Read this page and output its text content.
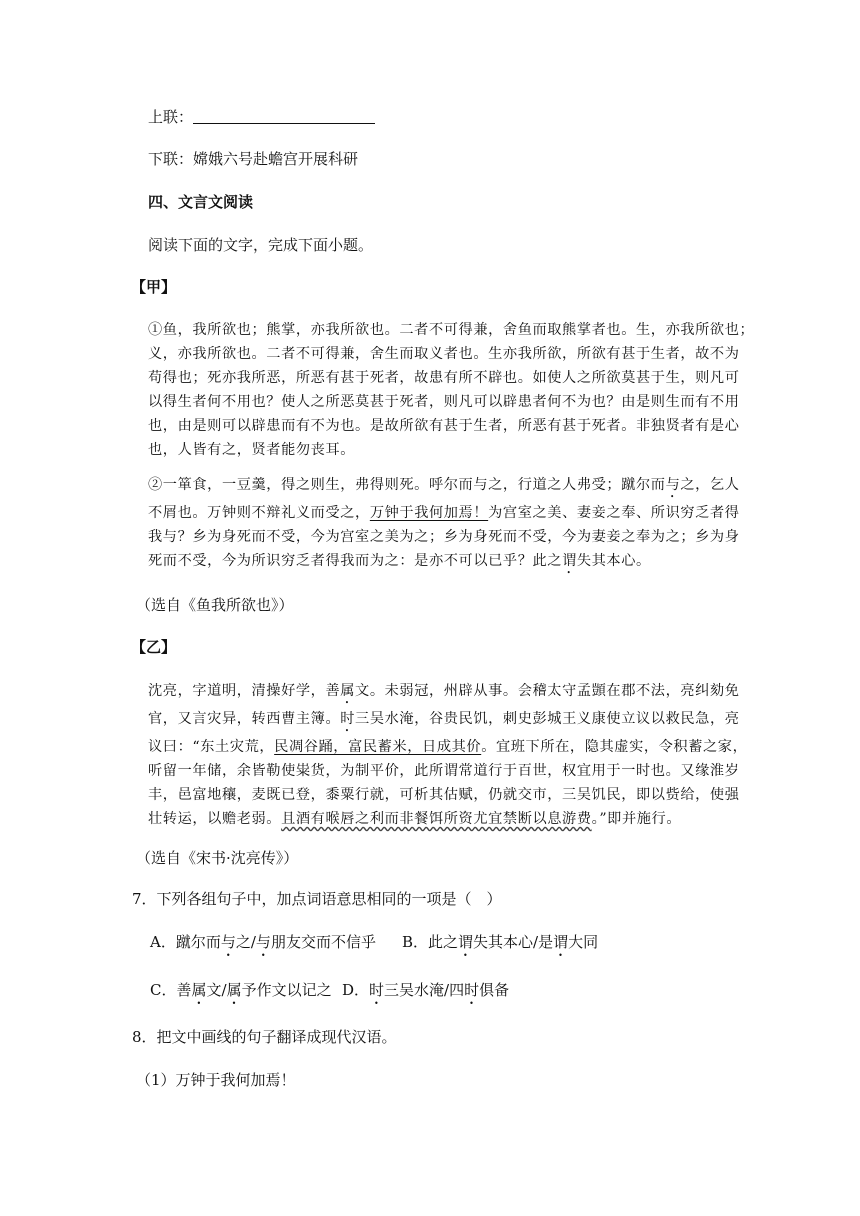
上联：
下联：嫦娥六号赴蟾宫开展科研
四、文言文阅读
阅读下面的文字，完成下面小题。
【甲】
①鱼，我所欲也；熊掌，亦我所欲也。二者不可得兼，舍鱼而取熊掌者也。生，亦我所欲也；
义，亦我所欲也。二者不可得兼，舍生而取义者也。生亦我所欲，所欲有甚于生者，故不为
苟得也；死亦我所恶，所恶有甚于死者，故患有所不辟也。如使人之所欲莫甚于生，则凡可
以得生者何不用也？使人之所恶莫甚于死者，则凡可以辟患者何不为也？由是则生而有不用
也，由是则可以辟患而有不为也。是故所欲有甚于生者，所恶有甚于死者。非独贤者有是心
也，人皆有之，贤者能勿丧耳。
②一箪食，一豆羹，得之则生，弗得则死。呼尔而与之，行道之人弗受；蹴尔而与之，乞人
不屑也。万钟则不辩礼义而受之，万钟于我何加焉！为宫室之美、妻妾之奉、所识穷乏者得
我与？乡为身死而不受，今为宫室之美为之；乡为身死而不受，今为妻妾之奉为之；乡为身
死而不受，今为所识穷乏者得我而为之：是亦不可以已乎？此之谓失其本心。
（选自《鱼我所欲也》）
【乙】
沈亮，字道明，清操好学，善属文。未弱冠，州辟从事。会稽太守孟顗在郡不法，亮纠劾免
官，又言灾异，转西曹主簿。时三吴水淹，谷贵民饥，刺史彭城王义康使立议以救民急，亮
议曰：“东土灾荒，民凋谷踊，富民蓄米，日成其价。宜班下所在，隐其虚实，令积蓄之家，
听留一年储，余皆勒使粜货，为制平价，此所谓常道行于百世，权宜用于一时也。又缘淮岁
丰，邑富地穰，麦既已登，黍粟行就，可析其估赋，仍就交市，三吴饥民，即以赀给，使强
壮转运，以赡老弱。且酒有喉唇之利而非餐饵所资尤宜禁断以息游费。”即并施行。
（选自《宋书·沈亮传》）
7．下列各组句子中，加点词语意思相同的一项是（　）
A．蹴尔而与之/与朋友交而不信乎 B．此之谓失其本心/是谓大同
C．善属文/属予作文以记之 D．时三吴水淹/四时俱备
8．把文中画线的句子翻译成现代汉语。
（1）万钟于我何加焉！
